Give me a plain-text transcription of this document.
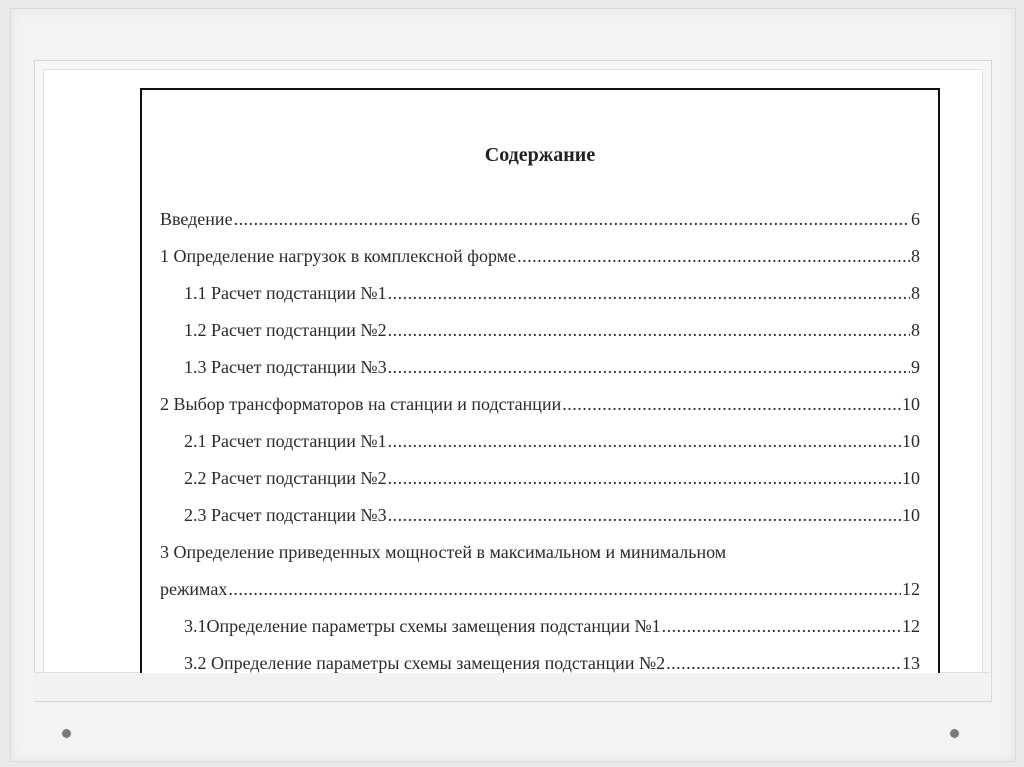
Содержание
Введение .....	6
1 Определение нагрузок в комплексной форме .....	8
1.1 Расчет подстанции №1 .....	8
1.2 Расчет подстанции №2 .....	8
1.3 Расчет подстанции №3 .....	9
2 Выбор трансформаторов на станции и подстанции .....	10
2.1 Расчет подстанции №1 .....	10
2.2 Расчет подстанции №2 .....	10
2.3 Расчет подстанции №3 .....	10
3 Определение приведенных мощностей в максимальном и минимальном
режимах .....	12
3.1Определение параметры схемы замещения подстанции №1 .....	12
3.2 Определение параметры схемы замещения подстанции №2 .....	13
